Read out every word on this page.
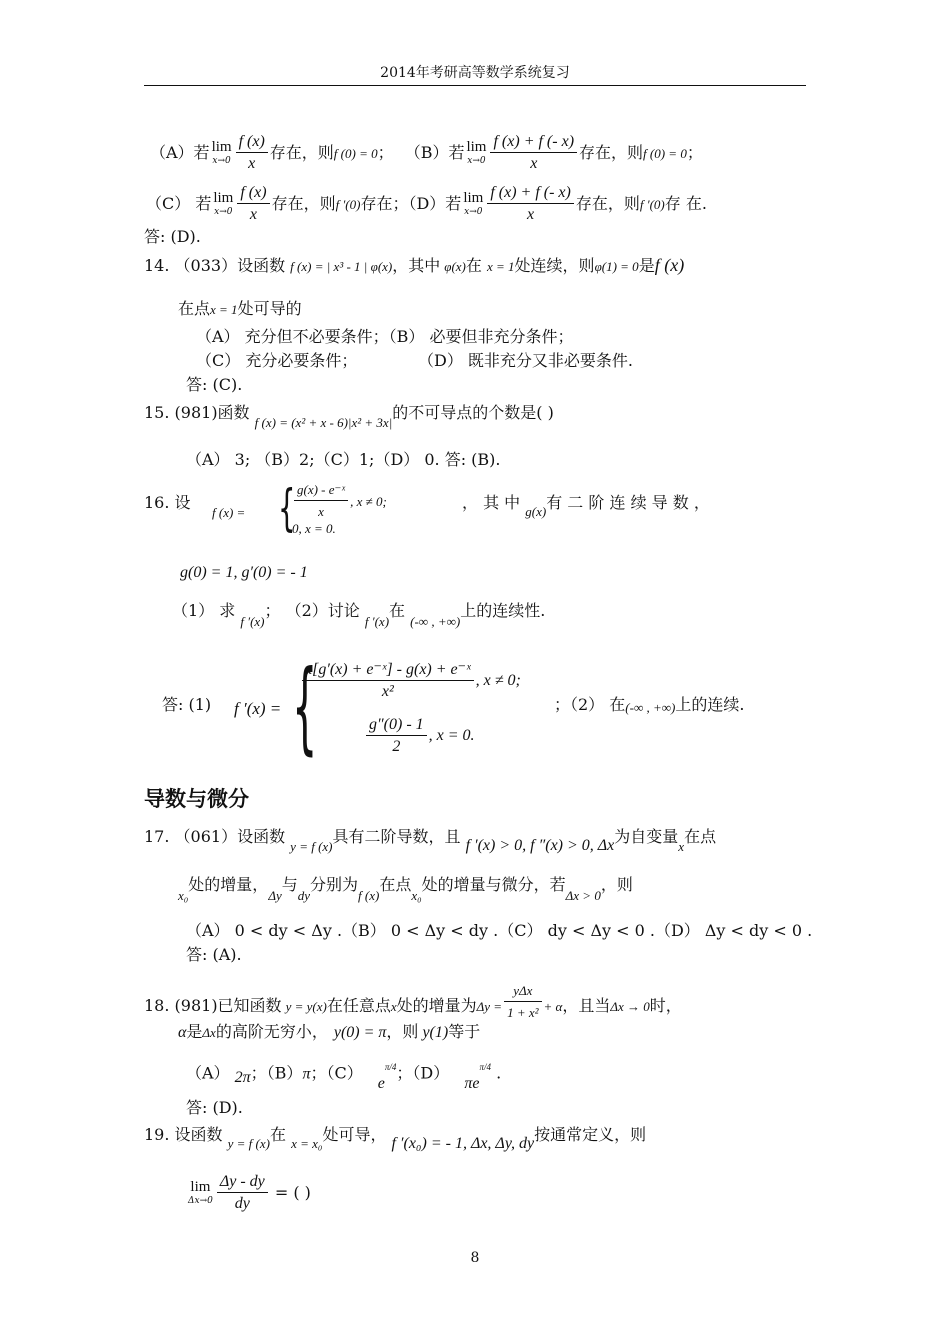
2014年考研高等数学系统复习
（A）若 lim
$x\to 0 \frac{f (x)}{x}$ 存在，则f (0) = 0； （B）若 lim
$x\to 0 \frac{f (x) + f (- x)}{x}$ 存在，则f (0) = 0；
（C） 若 lim
$x\to 0 \frac{f (x)}{x}$ 存在，则f ′(0)存在；（D）若 lim
$x\to 0 \frac{f (x) + f (- x)}{x}$ 存在，则f ′(0)存 在.
答: (D).
14. （033）设函数 f (x) = | x³ - 1 | φ(x)，其中 φ(x)在 x = 1处连续，则φ(1) = 0是f (x)
在点x = 1处可导的
（A） 充分但不必要条件；（B） 必要但非充分条件；
（C） 充分必要条件；	（D） 既非充分又非必要条件.
答: (C).
15. (981)函数 $_{f (x) = (x^2 + x - 6)|x^2 + 3x|}$的不可导点的个数是( )
（A） 3; （B）2;（C）1;（D） 0. 答: (B).
16. 设
f (x) = {
$\frac{\text{g(x) - e⁻ˣ}}{x}$ , x ≠ 0;
0, x = 0.
， 其 中 $_{g(x)}$有 二 阶 连 续 导 数 ，
g(0) = 1, g′(0) = - 1
（1） 求 $_{f '(x)}$； （2）讨论 $_{f '(x)}$在 $_{(-\infty , +\infty)}$上的连续性.
答: (1) f ′(x) = {
$\frac{\text{x[g′(x) + e⁻ˣ] - g(x) + e⁻ˣ}}{\text{x²}}$ , x ≠ 0;
$\frac{g''(0) - 1}{2}$ , x = 0.
；（2） 在(-∞ , +∞)上的连续.
导数与微分
17. （061）设函数 $_{y = f (x)}$具有二阶导数，且 f ′(x) > 0, f ″(x) > 0, Δx为自变量$_x$在点
$_{x_0}$处的增量，$_{\Delta y}$与$_{dy}$分别为$_{f (x)}$在点$_{x_0}$处的增量与微分，若$_{\Delta x > 0}$，则
（A） 0 < dy < Δy .（B） 0 < Δy < dy .（C） dy < Δy < 0 .（D） Δy < dy < 0 .
答: (A).
18. (981)已知函数 y = y(x)在任意点x处的增量为$\Delta y = \frac{\text{yΔx}}{\text{1 + x²}} + \alpha$，且当Δx → 0时，
α是Δx的高阶无穷小， y(0) = π，则 y(1)等于
（A） 2π；（B）π；（C） $e^{\pi/4}$；（D） $\pi e^{\pi/4}$ .
答: (D).
19. 设函数 $_{y = f (x)}$在 $_{x = x_0}$处可导， f ′(x₀) = - 1, Δx, Δy, dy按通常定义，则
lim
$\Delta x\to 0 \frac{\Delta y - dy}{dy}$ = ( )
8
